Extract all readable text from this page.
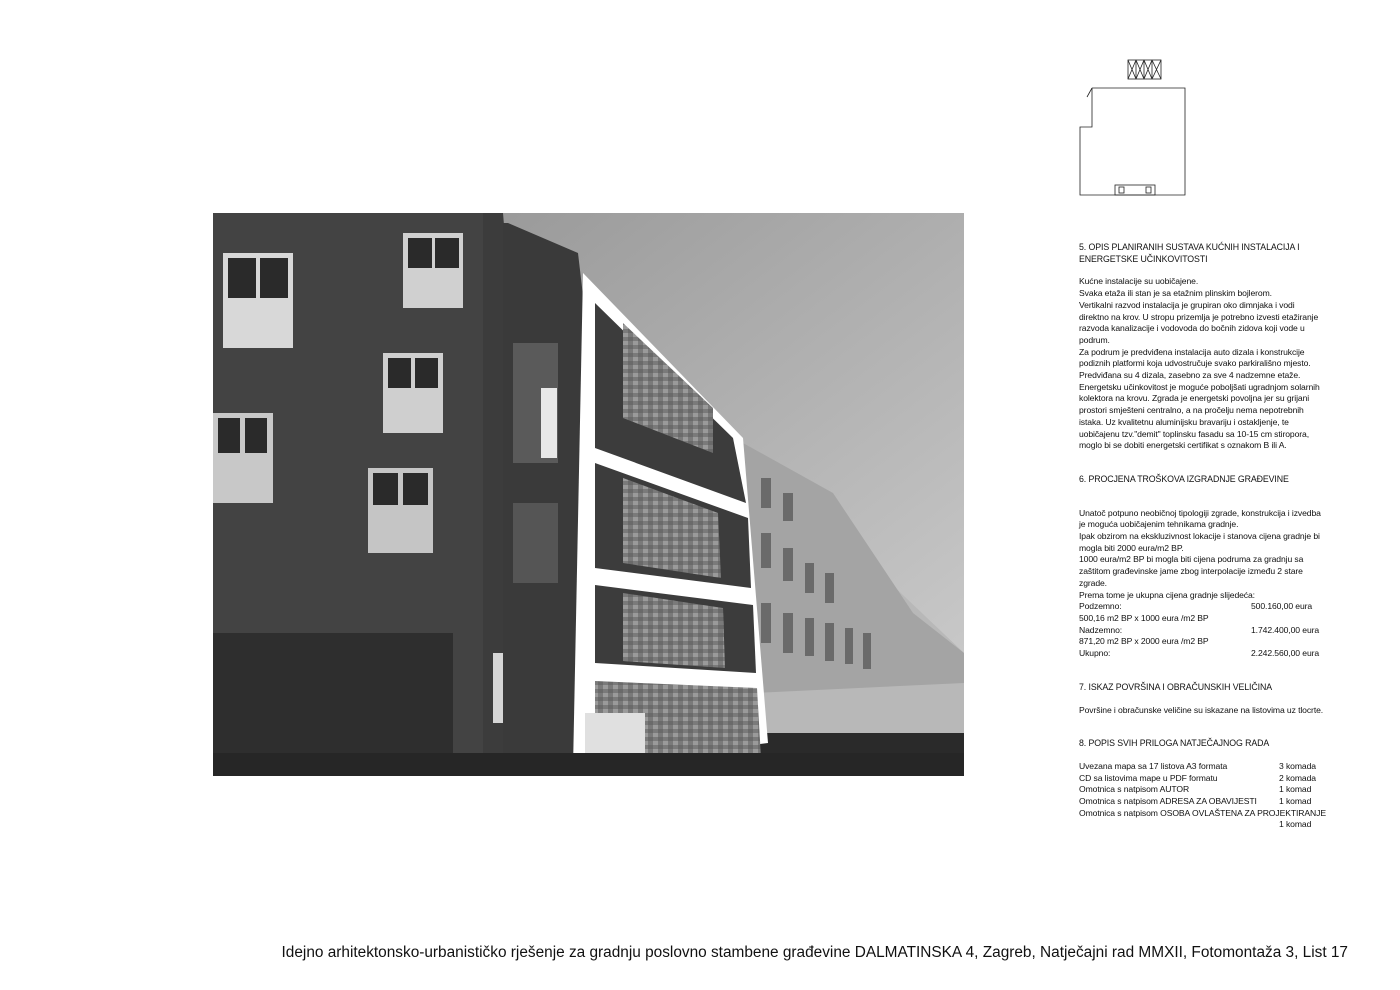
5. OPIS PLANIRANIH SUSTAVA KUĆNIH INSTALACIJA I ENERGETSKE UČINKOVITOSTI

Kućne instalacije su uobičajene.
Svaka etaža ili stan je sa etažnim plinskim bojlerom.
Vertikalni razvod instalacija je grupiran oko dimnjaka i vodi
direktno na krov. U stropu prizemlja je potrebno izvesti etažiranje
razvoda kanalizacije i vodovoda do bočnih zidova koji vode u
podrum.
Za podrum je predviđena instalacija auto dizala i konstrukcije
podiznih platformi koja udvostručuje svako parkirališno mjesto.
Predviđana su 4 dizala, zasebno za sve 4 nadzemne etaže.
Energetsku učinkovitost je moguće poboljšati ugradnjom solarnih
kolektora na krovu. Zgrada je energetski povoljna jer su grijani
prostori smješteni centralno, a na pročelju nema nepotrebnih
istaka. Uz kvalitetnu aluminijsku bravariju i ostakljenje, te
uobičajenu tzv."demit" toplinsku fasadu sa 10-15 cm stiropora,
moglo bi se dobiti energetski certifikat s oznakom B ili A.

6. PROCJENA TROŠKOVA IZGRADNJE GRAĐEVINE

Unatoč potpuno neobičnoj tipologiji zgrade, konstrukcija i izvedba
je moguća uobičajenim tehnikama gradnje.
Ipak obzirom na ekskluzivnost lokacije i stanova cijena gradnje bi
mogla biti 2000 eura/m2 BP.
1000 eura/m2 BP bi mogla biti cijena podruma za gradnju sa
zaštitom građevinske jame zbog interpolacije između 2 stare
zgrade.
Prema tome je ukupna cijena gradnje slijedeća:

Podzemno:	500.160,00 eura
500,16 m2 BP x 1000 eura /m2 BP
Nadzemno:	1.742.400,00 eura
871,20 m2 BP x 2000 eura /m2 BP
Ukupno:	2.242.560,00 eura

7. ISKAZ POVRŠINA I OBRAČUNSKIH VELIČINA

Površine i obračunske veličine su iskazane na listovima uz tlocrte.

8. POPIS SVIH PRILOGA NATJEČAJNOG RADA

Uvezana mapa sa 17 listova A3 formata	3 komada
CD sa listovima mape u PDF formatu	2 komada
Omotnica s natpisom AUTOR	1 komad
Omotnica s natpisom ADRESA ZA OBAVIJESTI	1 komad
Omotnica s natpisom OSOBA OVLAŠTENA ZA PROJEKTIRANJE
1 komad
Idejno arhitektonsko-urbanističko rješenje za gradnju poslovno stambene građevine DALMATINSKA 4, Zagreb, Natječajni rad MMXII, Fotomontaža 3, List 17
